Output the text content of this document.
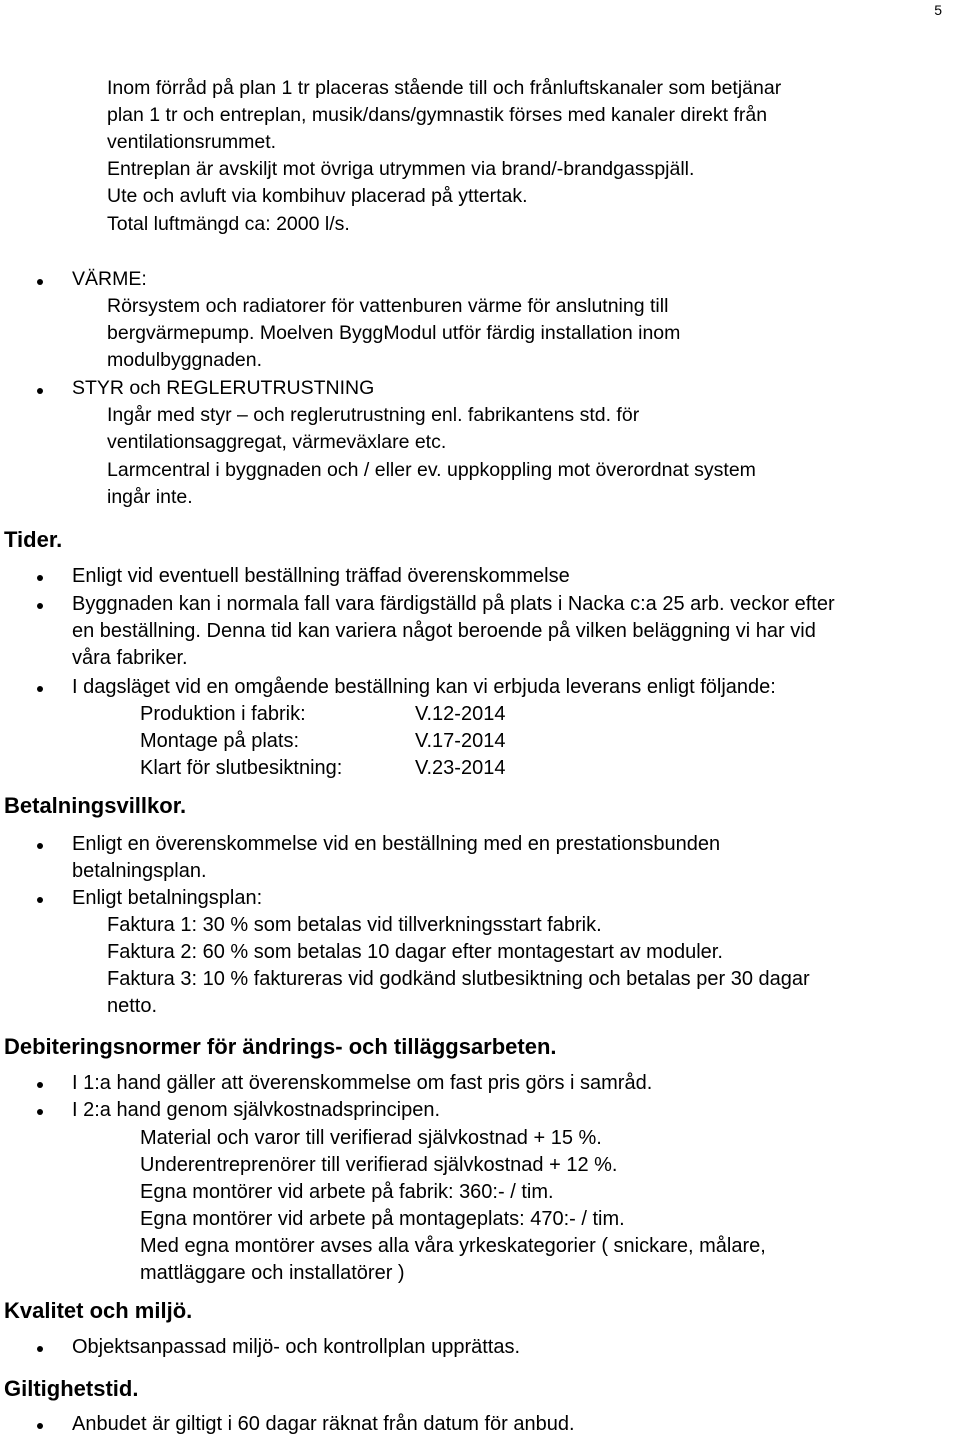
5
Inom förråd på plan 1 tr placeras stående till och frånluftskanaler som betjänar
plan 1 tr och entreplan, musik/dans/gymnastik förses med kanaler direkt från
ventilationsrummet.
Entreplan är avskiljt mot övriga utrymmen via brand/-brandgasspjäll.
Ute och avluft via kombihuv placerad på yttertak.
Total luftmängd ca: 2000 l/s.
VÄRME:
Rörsystem och radiatorer för vattenburen värme för anslutning till
bergvärmepump. Moelven ByggModul utför färdig installation inom
modulbyggnaden.
STYR och REGLERUTRUSTNING
Ingår med styr – och reglerutrustning enl. fabrikantens std. för
ventilationsaggregat, värmeväxlare etc.
Larmcentral i byggnaden och / eller ev. uppkoppling mot överordnat system
ingår inte.
Tider.
Enligt vid eventuell beställning träffad överenskommelse
Byggnaden kan i normala fall vara färdigställd på plats i Nacka c:a 25 arb. veckor efter
en beställning. Denna tid kan variera något beroende på vilken beläggning vi har vid
våra fabriker.
I dagsläget vid en omgående beställning kan vi erbjuda leverans enligt följande:
Produktion i fabrik:	V.12-2014
Montage på plats:	V.17-2014
Klart för slutbesiktning:	V.23-2014
Betalningsvillkor.
Enligt en överenskommelse vid en beställning med en prestationsbunden
betalningsplan.
Enligt betalningsplan:
Faktura 1: 30 % som betalas vid tillverkningsstart fabrik.
Faktura 2: 60 % som betalas 10 dagar efter montagestart av moduler.
Faktura 3: 10 % faktureras vid godkänd slutbesiktning och betalas per 30 dagar
netto.
Debiteringsnormer för ändrings- och tilläggsarbeten.
I 1:a hand gäller att överenskommelse om fast pris görs i samråd.
I 2:a hand genom självkostnadsprincipen.
Material och varor till verifierad självkostnad + 15 %.
Underentreprenörer till verifierad självkostnad + 12 %.
Egna montörer vid arbete på fabrik: 360:- / tim.
Egna montörer vid arbete på montageplats: 470:- / tim.
Med egna montörer avses alla våra yrkeskategorier ( snickare, målare,
mattläggare och installatörer )
Kvalitet och miljö.
Objektsanpassad miljö- och kontrollplan upprättas.
Giltighetstid.
Anbudet är giltigt i 60 dagar räknat från datum för anbud.
